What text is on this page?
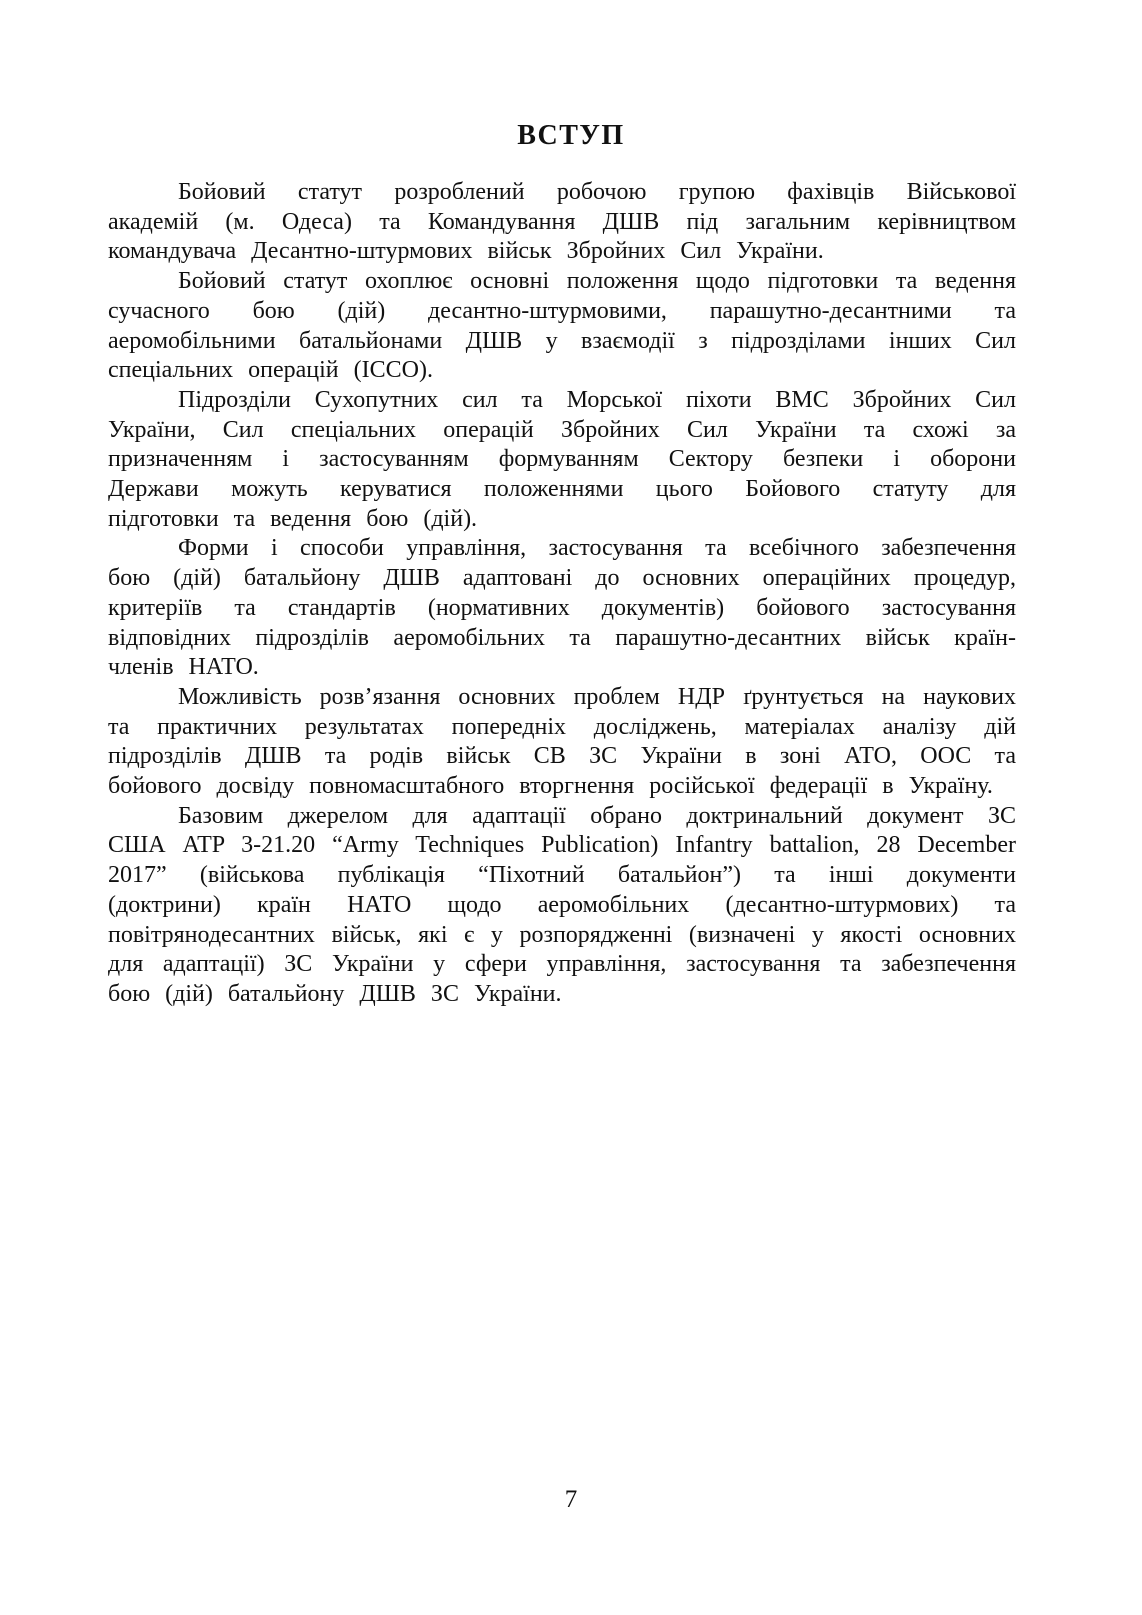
ВСТУП

Бойовий статут розроблений робочою групою фахівців Військової академій (м. Одеса) та Командування ДШВ під загальним керівництвом командувача Десантно-штурмових військ Збройних Сил України.

Бойовий статут охоплює основні положення щодо підготовки та ведення сучасного бою (дій) десантно-штурмовими, парашутно-десантними та аеромобільними батальйонами ДШВ у взаємодії з підрозділами інших Сил спеціальних операцій (ІССО).

Підрозділи Сухопутних сил та Морської піхоти ВМС Збройних Сил України, Сил спеціальних операцій Збройних Сил України та схожі за призначенням і застосуванням формуванням Сектору безпеки і оборони Держави можуть керуватися положеннями цього Бойового статуту для підготовки та ведення бою (дій).

Форми і способи управління, застосування та всебічного забезпечення бою (дій) батальйону ДШВ адаптовані до основних операційних процедур, критеріїв та стандартів (нормативних документів) бойового застосування відповідних підрозділів аеромобільних та парашутно-десантних військ країн-членів НАТО.

Можливість розв’язання основних проблем НДР ґрунтується на наукових та практичних результатах попередніх досліджень, матеріалах аналізу дій підрозділів ДШВ та родів військ СВ ЗС України в зоні АТО, ООС та бойового досвіду повномасштабного вторгнення російської федерації в Україну.

Базовим джерелом для адаптації обрано доктринальний документ ЗС США ATP 3-21.20 “Army Techniques Publication) Infantry battalion, 28 December 2017” (військова публікація “Піхотний батальйон”) та інші документи (доктрини) країн НАТО щодо аеромобільних (десантно-штурмових) та повітрянодесантних військ, які є у розпорядженні (визначені у якості основних для адаптації) ЗС України у сфери управління, застосування та забезпечення бою (дій) батальйону ДШВ ЗС України.

7
